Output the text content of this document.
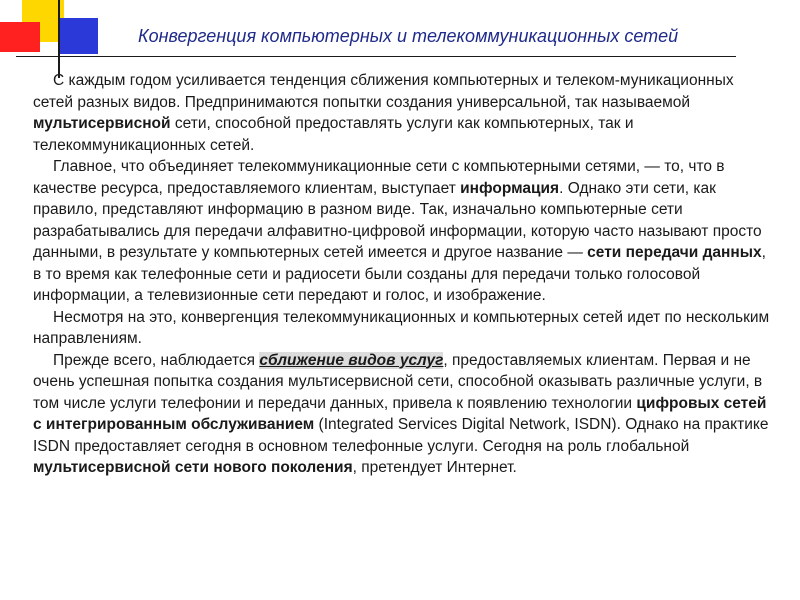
Конвергенция компьютерных и телекоммуникационных сетей

С каждым годом усиливается тенденция сближения компьютерных и телеком-муникационных сетей разных видов. Предпринимаются попытки создания универсальной, так называемой мультисервисной сети, способной предоставлять услуги как компьютерных, так и телекоммуникационных сетей.

Главное, что объединяет телекоммуникационные сети с компьютерными сетями, — то, что в качестве ресурса, предоставляемого клиентам, выступает информация. Однако эти сети, как правило, представляют информацию в разном виде. Так, изначально компьютерные сети разрабатывались для передачи алфавитно-цифровой информации, которую часто называют просто данными, в результате у компьютерных сетей имеется и другое название — сети передачи данных, в то время как телефонные сети и радиосети были созданы для передачи только голосовой информации, а телевизионные сети передают и голос, и изображение.

Несмотря на это, конвергенция телекоммуникационных и компьютерных сетей идет по нескольким направлениям.

Прежде всего, наблюдается сближение видов услуг, предоставляемых клиентам. Первая и не очень успешная попытка создания мультисервисной сети, способной оказывать различные услуги, в том числе услуги телефонии и передачи данных, привела к появлению технологии цифровых сетей с интегрированным обслуживанием (Integrated Services Digital Network, ISDN). Однако на практике ISDN предоставляет сегодня в основном телефонные услуги. Сегодня на роль глобальной мультисервисной сети нового поколения, претендует Интернет.
